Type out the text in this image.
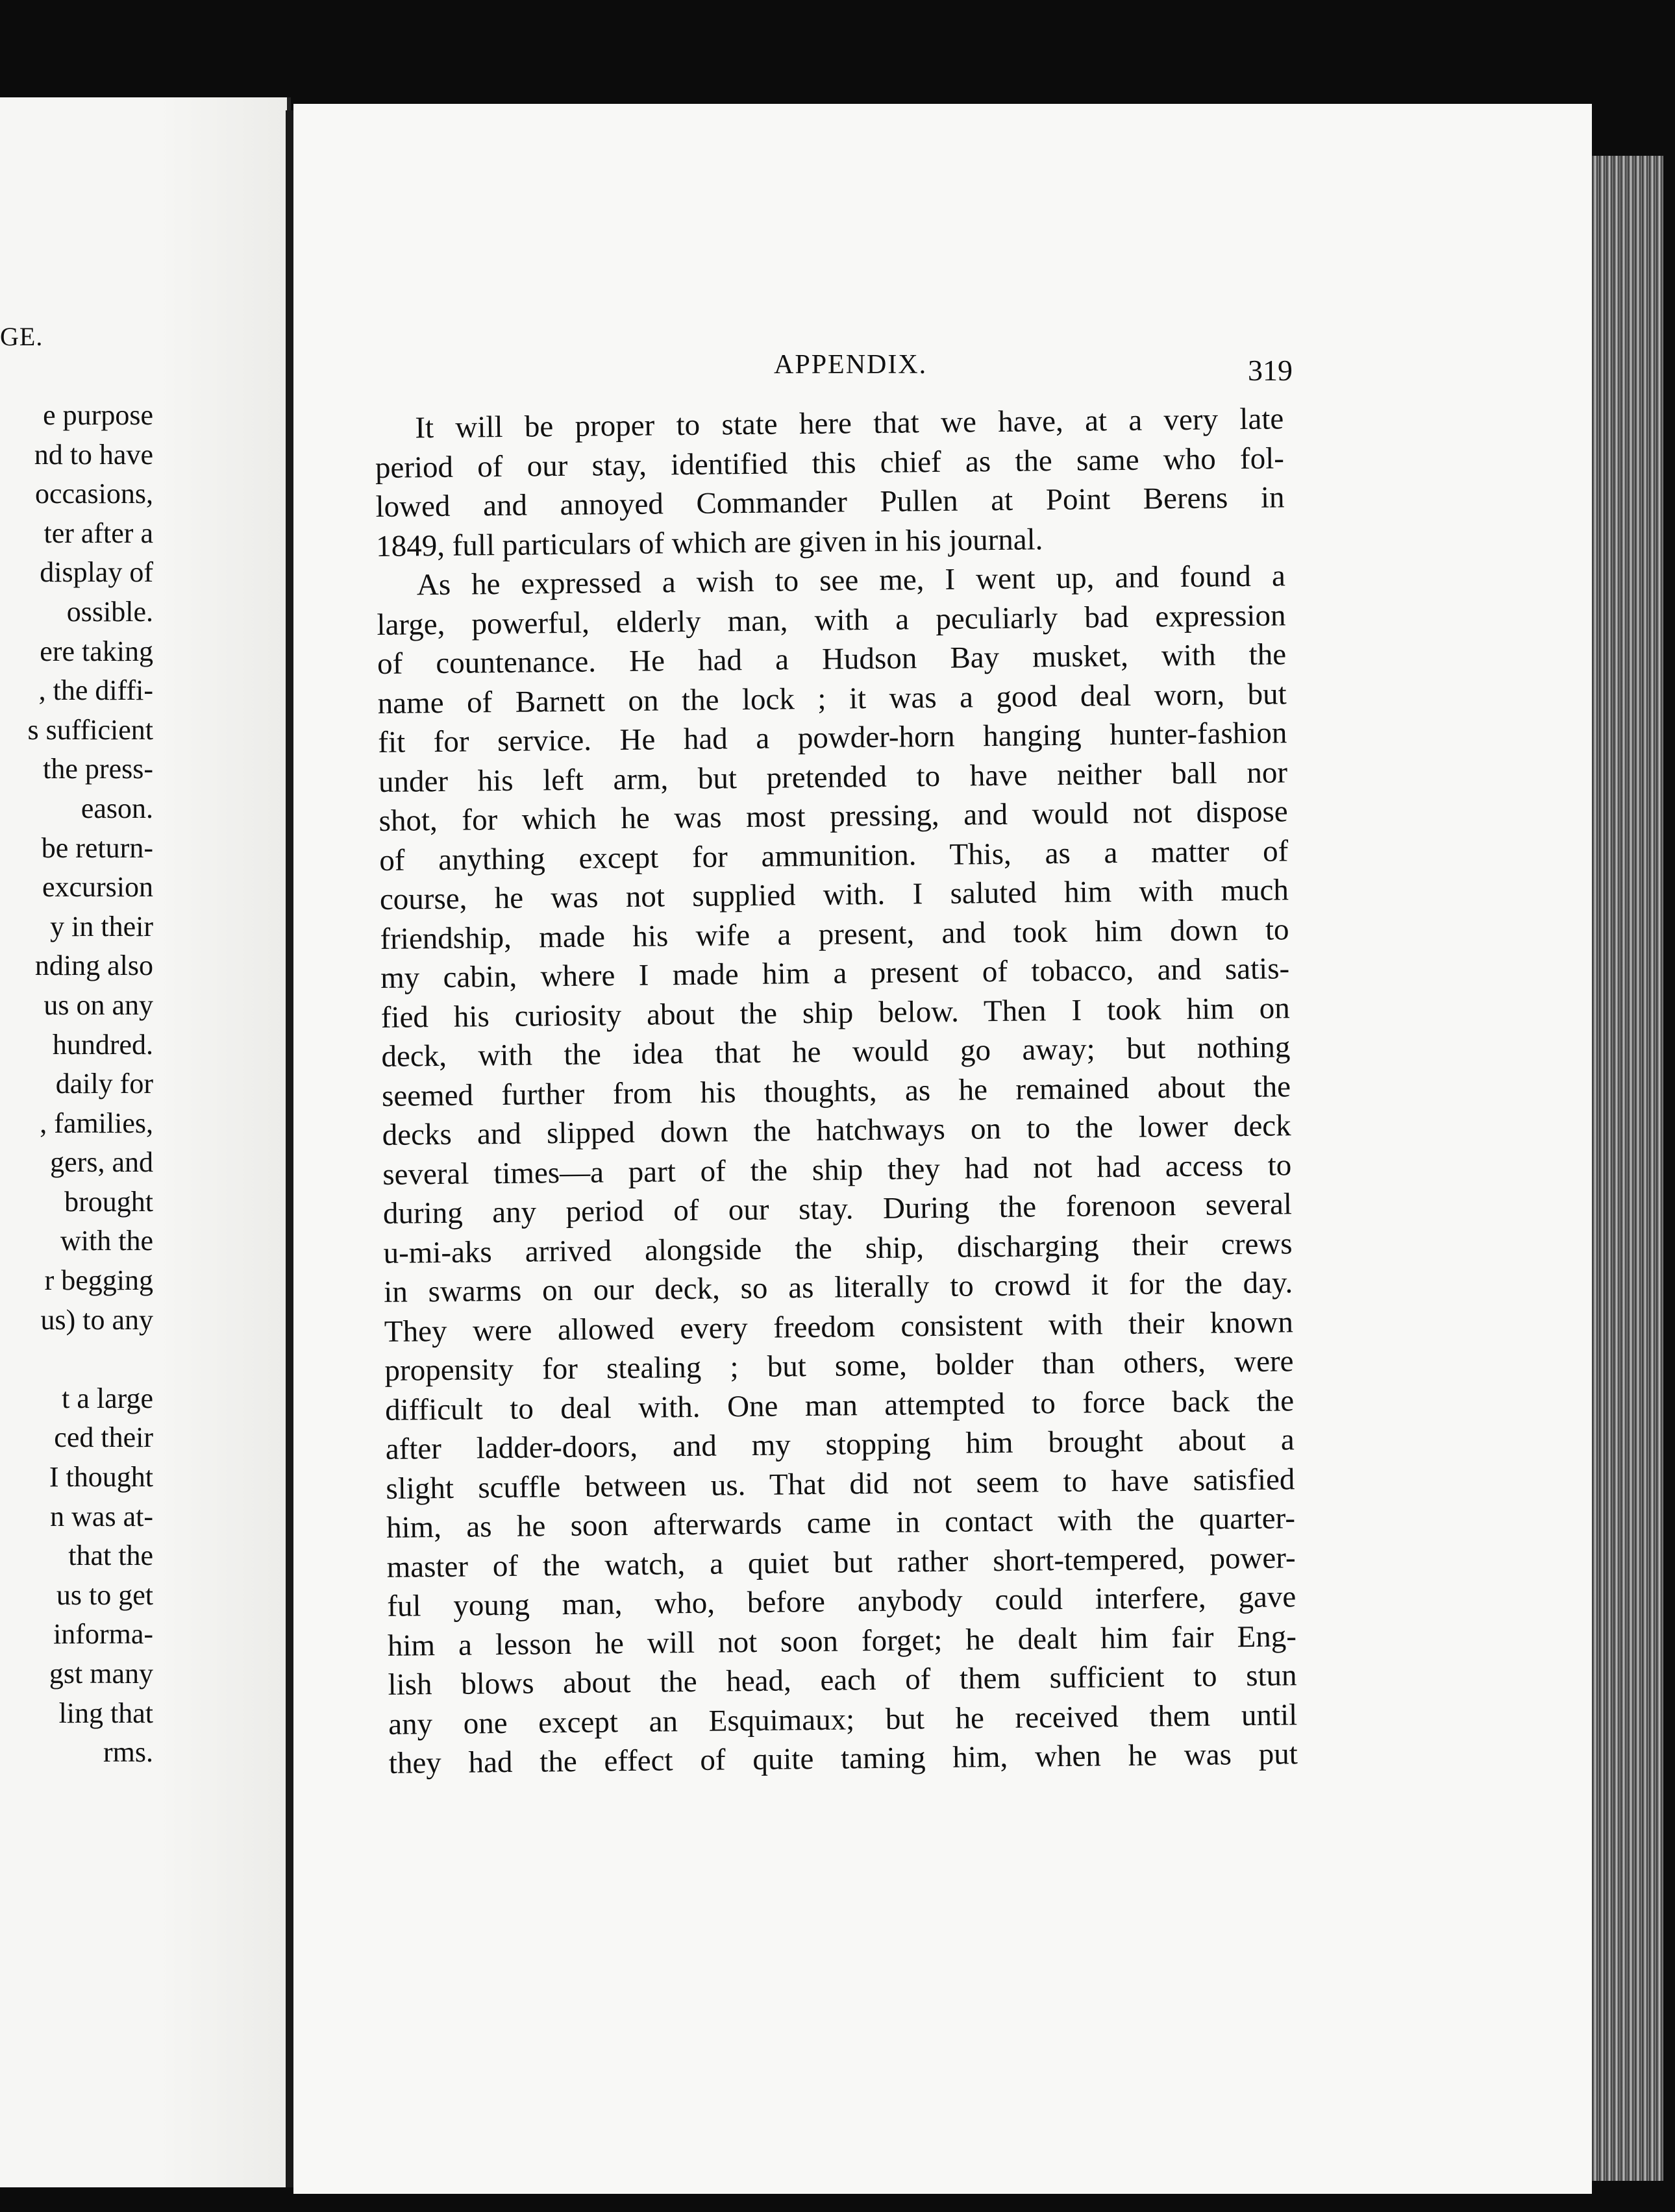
GE.
e purpose
nd to have
occasions,
ter after a
display of
ossible.
ere taking
, the diffi-
s sufficient
the press-
eason.
be return-
excursion
y in their
nding also
us on any
hundred.
daily for
, families,
gers, and
brought
with the
r begging
us) to any
t a large
ced their
I thought
n was at-
that the
us to get
informa-
gst many
ling that
rms.
APPENDIX.	319
It will be proper to state here that we have, at a very late
period of our stay, identified this chief as the same who fol-
lowed and annoyed Commander Pullen at Point Berens in
1849, full particulars of which are given in his journal.
As he expressed a wish to see me, I went up, and found a
large, powerful, elderly man, with a peculiarly bad expression
of countenance. He had a Hudson Bay musket, with the
name of Barnett on the lock ; it was a good deal worn, but
fit for service. He had a powder-horn hanging hunter-fashion
under his left arm, but pretended to have neither ball nor
shot, for which he was most pressing, and would not dispose
of anything except for ammunition. This, as a matter of
course, he was not supplied with. I saluted him with much
friendship, made his wife a present, and took him down to
my cabin, where I made him a present of tobacco, and satis-
fied his curiosity about the ship below. Then I took him on
deck, with the idea that he would go away; but nothing
seemed further from his thoughts, as he remained about the
decks and slipped down the hatchways on to the lower deck
several times—a part of the ship they had not had access to
during any period of our stay. During the forenoon several
u-mi-aks arrived alongside the ship, discharging their crews
in swarms on our deck, so as literally to crowd it for the day.
They were allowed every freedom consistent with their known
propensity for stealing ; but some, bolder than others, were
difficult to deal with. One man attempted to force back the
after ladder-doors, and my stopping him brought about a
slight scuffle between us. That did not seem to have satisfied
him, as he soon afterwards came in contact with the quarter-
master of the watch, a quiet but rather short-tempered, power-
ful young man, who, before anybody could interfere, gave
him a lesson he will not soon forget; he dealt him fair Eng-
lish blows about the head, each of them sufficient to stun
any one except an Esquimaux; but he received them until
they had the effect of quite taming him, when he was put
